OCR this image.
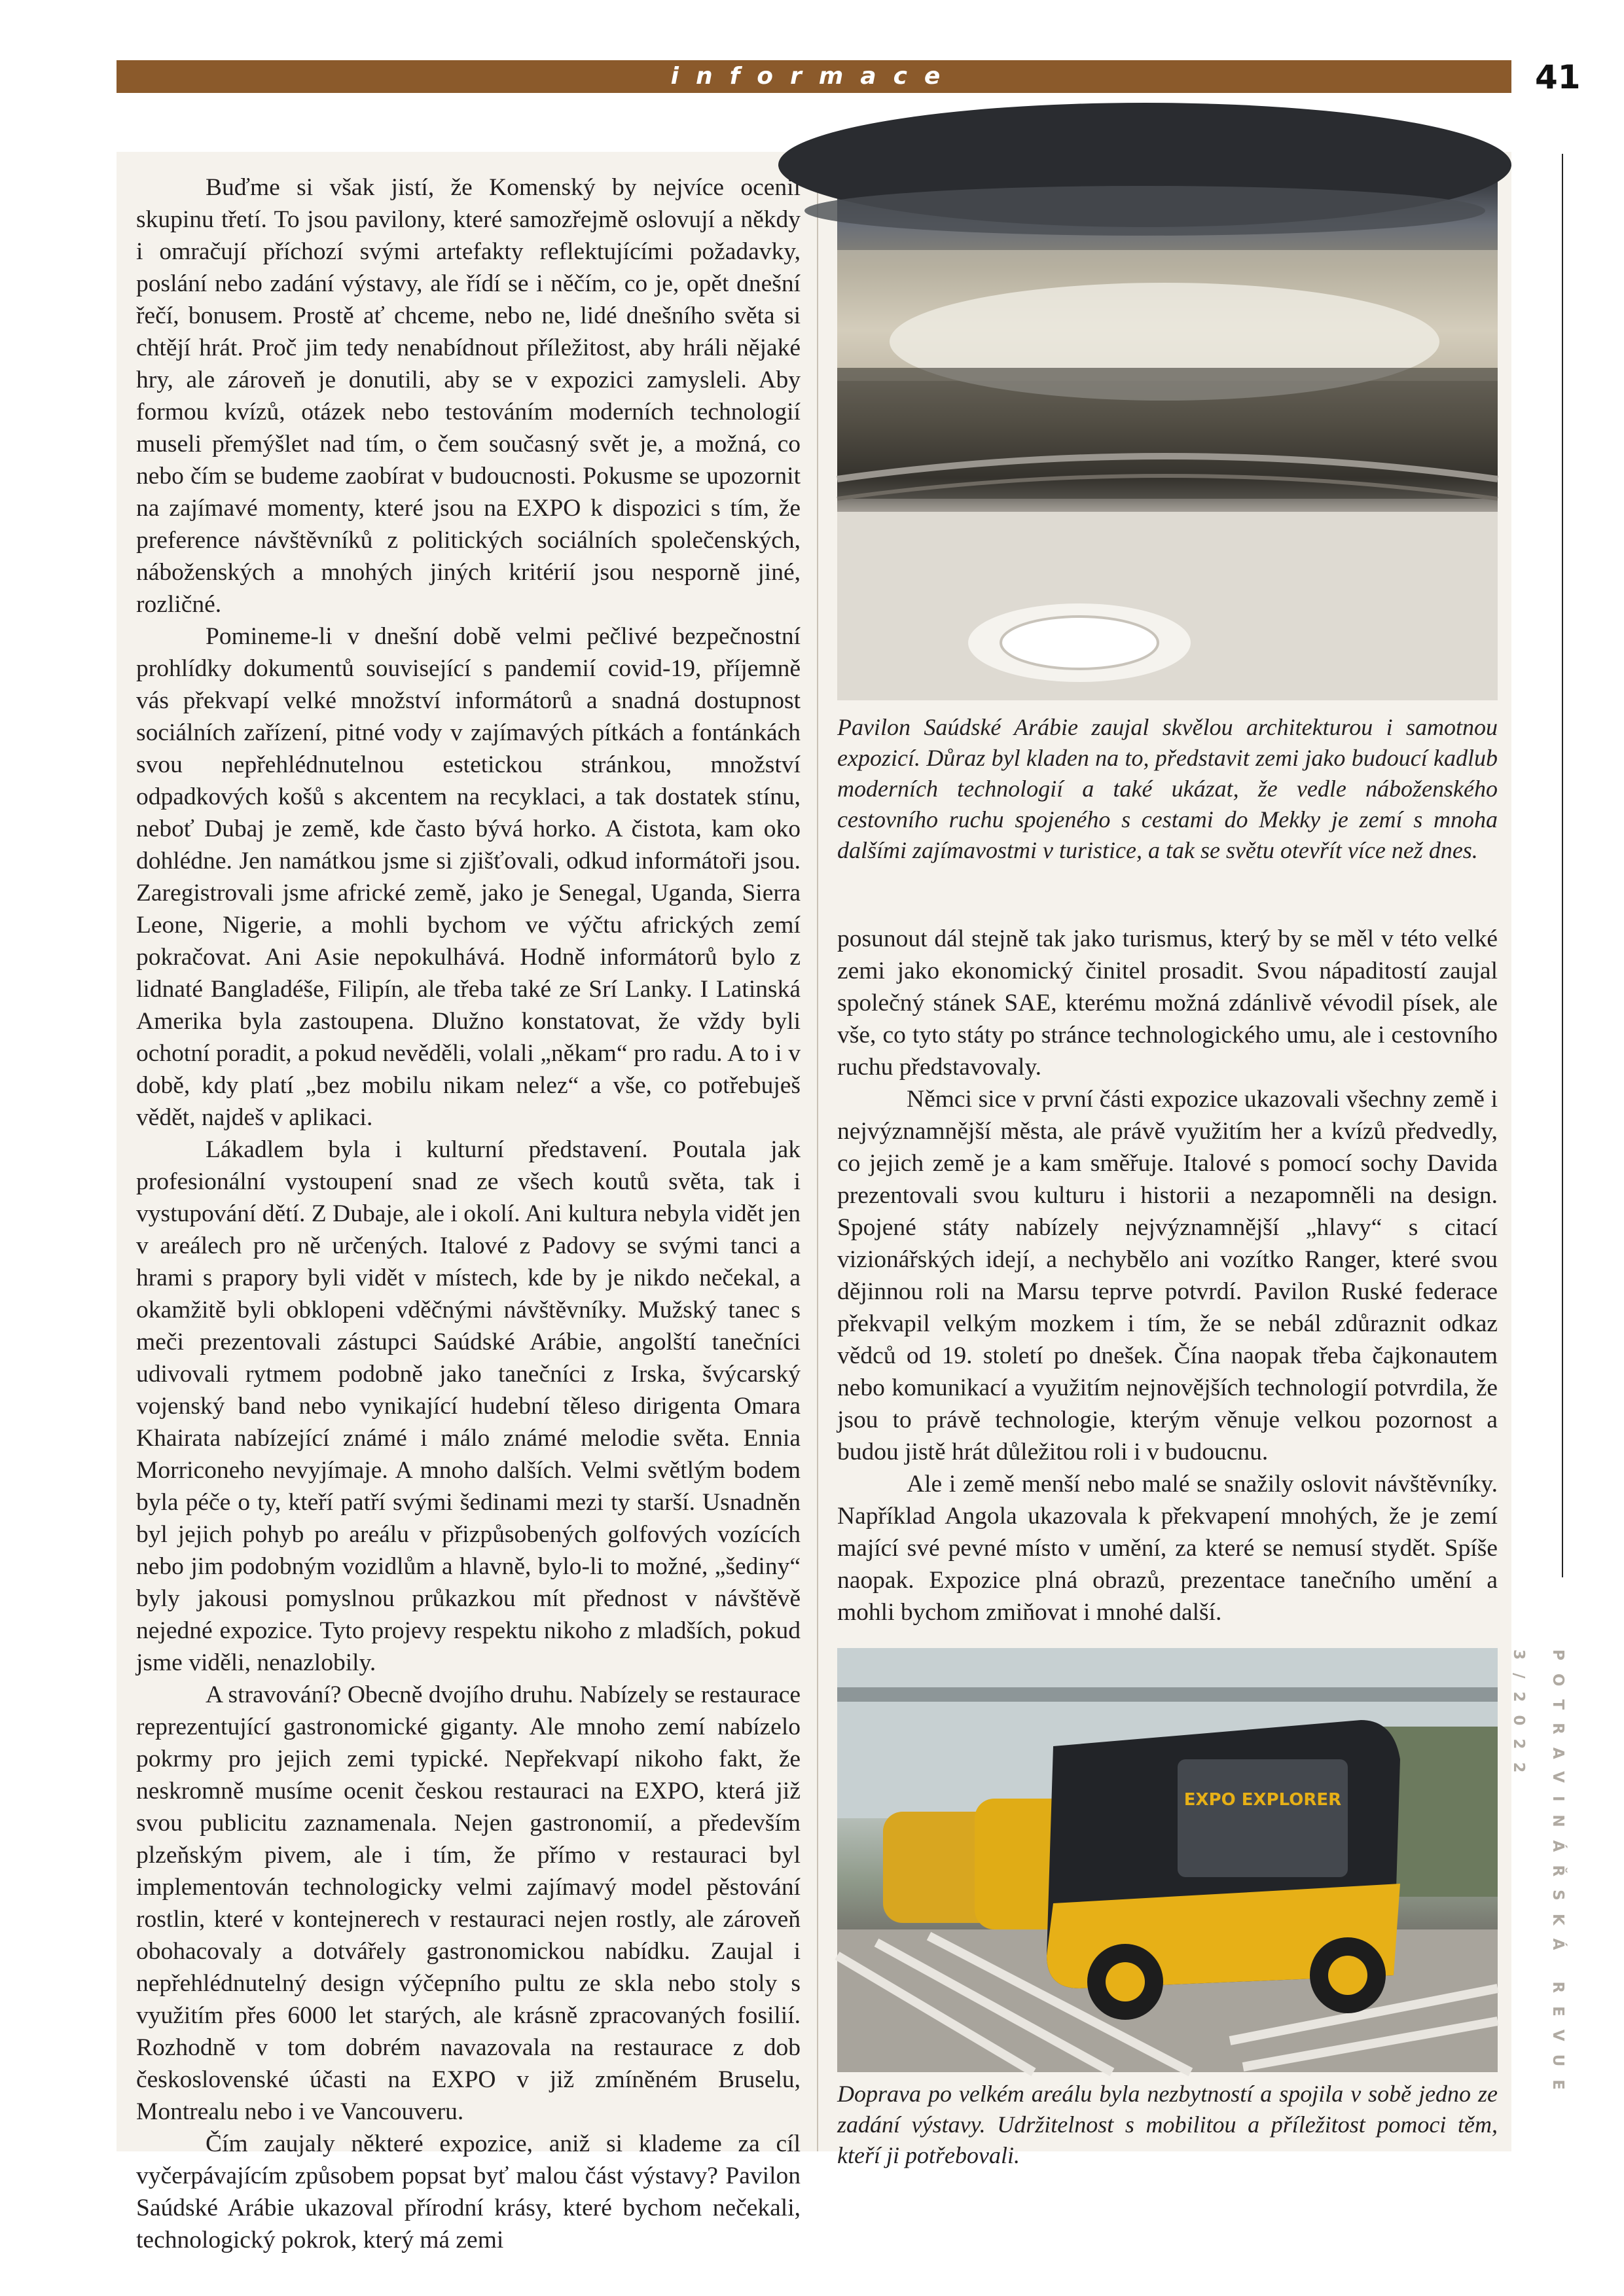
informace	41

Buďme si však jistí, že Komenský by nejvíce ocenil skupinu třetí. To jsou pavilony, které samozřejmě oslovují a někdy i omračují příchozí svými artefakty reflektujícími požadavky, poslání nebo zadání výstavy, ale řídí se i něčím, co je, opět dnešní řečí, bonusem. Prostě ať chceme, nebo ne, lidé dnešního světa si chtějí hrát. Proč jim tedy nenabídnout příležitost, aby hráli nějaké hry, ale zároveň je donutili, aby se v expozici zamysleli. Aby formou kvízů, otázek nebo testováním moderních technologií museli přemýšlet nad tím, o čem současný svět je, a možná, co nebo čím se budeme zaobírat v budoucnosti. Pokusme se upozornit na zajímavé momenty, které jsou na EXPO k dispozici s tím, že preference návštěvníků z politických sociálních společenských, náboženských a mnohých jiných kritérií jsou nesporně jiné, rozličné.

Pomineme-li v dnešní době velmi pečlivé bezpečnostní prohlídky dokumentů související s pandemií covid-19, příjemně vás překvapí velké množství informátorů a snadná dostupnost sociálních zařízení, pitné vody v zajímavých pítkách a fontánkách svou nepřehlédnutelnou estetickou stránkou, množství odpadkových košů s akcentem na recyklaci, a tak dostatek stínu, neboť Dubaj je země, kde často bývá horko. A čistota, kam oko dohlédne. Jen namátkou jsme si zjišťovali, odkud informátoři jsou. Zaregistrovali jsme africké země, jako je Senegal, Uganda, Sierra Leone, Nigerie, a mohli bychom ve výčtu afrických zemí pokračovat. Ani Asie nepokulhává. Hodně informátorů bylo z lidnaté Bangladéše, Filipín, ale třeba také ze Srí Lanky. I Latinská Amerika byla zastoupena. Dlužno konstatovat, že vždy byli ochotní poradit, a pokud nevěděli, volali „někam“ pro radu. A to i v době, kdy platí „bez mobilu nikam nelez“ a vše, co potřebuješ vědět, najdeš v aplikaci.

Lákadlem byla i kulturní představení. Poutala jak profesionální vystoupení snad ze všech koutů světa, tak i vystupování dětí. Z Dubaje, ale i okolí. Ani kultura nebyla vidět jen v areálech pro ně určených. Italové z Padovy se svými tanci a hrami s prapory byli vidět v místech, kde by je nikdo nečekal, a okamžitě byli obklopeni vděčnými návštěvníky. Mužský tanec s meči prezentovali zástupci Saúdské Arábie, angolští tanečníci udivovali rytmem podobně jako tanečníci z Irska, švýcarský vojenský band nebo vynikající hudební těleso dirigenta Omara Khairata nabízející známé i málo známé melodie světa. Ennia Morriconeho nevyjímaje. A mnoho dalších. Velmi světlým bodem byla péče o ty, kteří patří svými šedinami mezi ty starší. Usnadněn byl jejich pohyb po areálu v přizpůsobených golfových vozících nebo jim podobným vozidlům a hlavně, bylo-li to možné, „šediny“ byly jakousi pomyslnou průkazkou mít přednost v návštěvě nejedné expozice. Tyto projevy respektu nikoho z mladších, pokud jsme viděli, nenazlobily.

A stravování? Obecně dvojího druhu. Nabízely se restaurace reprezentující gastronomické giganty. Ale mnoho zemí nabízelo pokrmy pro jejich zemi typické. Nepřekvapí nikoho fakt, že neskromně musíme ocenit českou restauraci na EXPO, která již svou publicitu zaznamenala. Nejen gastronomií, a především plzeňským pivem, ale i tím, že přímo v restauraci byl implementován technologicky velmi zajímavý model pěstování rostlin, které v kontejnerech v restauraci nejen rostly, ale zároveň obohacovaly a dotvářely gastronomickou nabídku. Zaujal i nepřehlédnutelný design výčepního pultu ze skla nebo stoly s využitím přes 6000 let starých, ale krásně zpracovaných fosilií. Rozhodně v tom dobrém navazovala na restaurace z dob československé účasti na EXPO v již zmíněném Bruselu, Montrealu nebo i ve Vancouveru.

Čím zaujaly některé expozice, aniž si klademe za cíl vyčerpávajícím způsobem popsat byť malou část výstavy? Pavilon Saúdské Arábie ukazoval přírodní krásy, které bychom nečekali, technologický pokrok, který má zemi

Pavilon Saúdské Arábie zaujal skvělou architekturou i samotnou expozicí. Důraz byl kladen na to, představit zemi jako budoucí kadlub moderních technologií a také ukázat, že vedle náboženského cestovního ruchu spojeného s cestami do Mekky je zemí s mnoha dalšími zajímavostmi v turistice, a tak se světu otevřít více než dnes.

posunout dál stejně tak jako turismus, který by se měl v této velké zemi jako ekonomický činitel prosadit. Svou nápaditostí zaujal společný stánek SAE, kterému možná zdánlivě vévodil písek, ale vše, co tyto státy po stránce technologického umu, ale i cestovního ruchu představovaly.

Němci sice v první části expozice ukazovali všechny země i nejvýznamnější města, ale právě využitím her a kvízů předvedly, co jejich země je a kam směřuje. Italové s pomocí sochy Davida prezentovali svou kulturu i historii a nezapomněli na design. Spojené státy nabízely nejvýznamnější „hlavy“ s citací vizionářských idejí, a nechybělo ani vozítko Ranger, které svou dějinnou roli na Marsu teprve potvrdí. Pavilon Ruské federace překvapil velkým mozkem i tím, že se nebál zdůraznit odkaz vědců od 19. století po dnešek. Čína naopak třeba čajkonautem nebo komunikací a využitím nejnovějších technologií potvrdila, že jsou to právě technologie, kterým věnuje velkou pozornost a budou jistě hrát důležitou roli i v budoucnu.

Ale i země menší nebo malé se snažily oslovit návštěvníky. Například Angola ukazovala k překvapení mnohých, že je zemí mající své pevné místo v umění, za které se nemusí stydět. Spíše naopak. Expozice plná obrazů, prezentace tanečního umění a mohli bychom zmiňovat i mnohé další.

EXPO EXPLORER
Doprava po velkém areálu byla nezbytností a spojila v sobě jedno ze zadání výstavy. Udržitelnost s mobilitou a příležitost pomoci těm, kteří ji potřebovali.
POTRAVINÁŘSKÁ REVUE 3/2022
